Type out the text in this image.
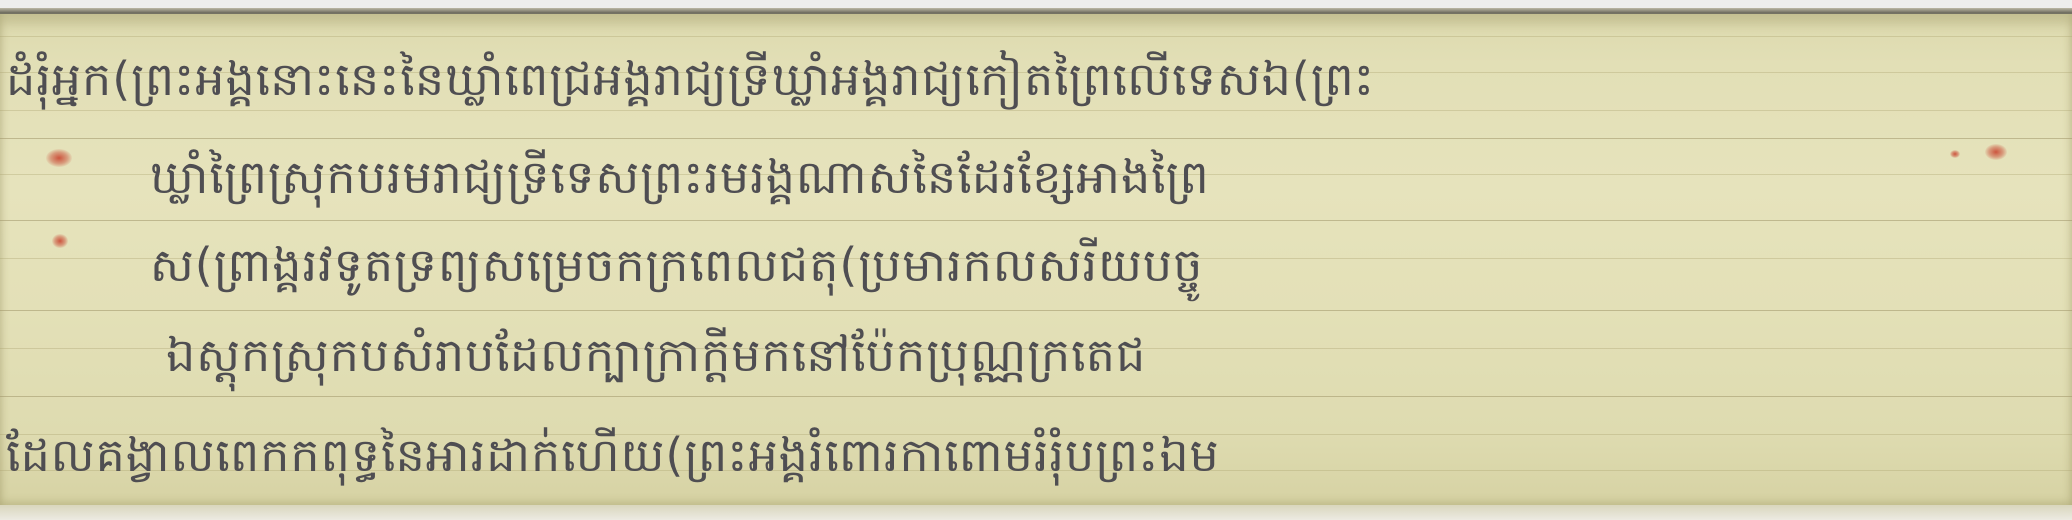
ដំរុំអ្នក(ព្រះអង្គនោះនេះនៃឃ្លាំពេជ្រអង្គរាជ្យទ្រីឃ្លាំអង្គរាជ្យកៀតព្រៃលើទេសឯ(ព្រះ

ឃ្លាំព្រៃស្រុកបរមរាជ្យទ្រីទេសព្រះរមរង្គណាសនៃដែរខ្សែអាងព្រៃ

ស(ព្រាង្គរវទូតទ្រព្យសម្រេចកក្រពេលជតុ(ប្រមារកលសរីយបច្ចូ

ឯស្ដុកស្រុកបសំរាបដែលក្បាក្រាក្ដីមកនៅប៉ែកប្រុណ្ណក្រតេជ

ដែលគង្វាលពេកកពុទ្ធនៃអារដាក់ហើយ(ព្រះអង្គរំពោរកាពោមរំរុំបព្រះឯម
